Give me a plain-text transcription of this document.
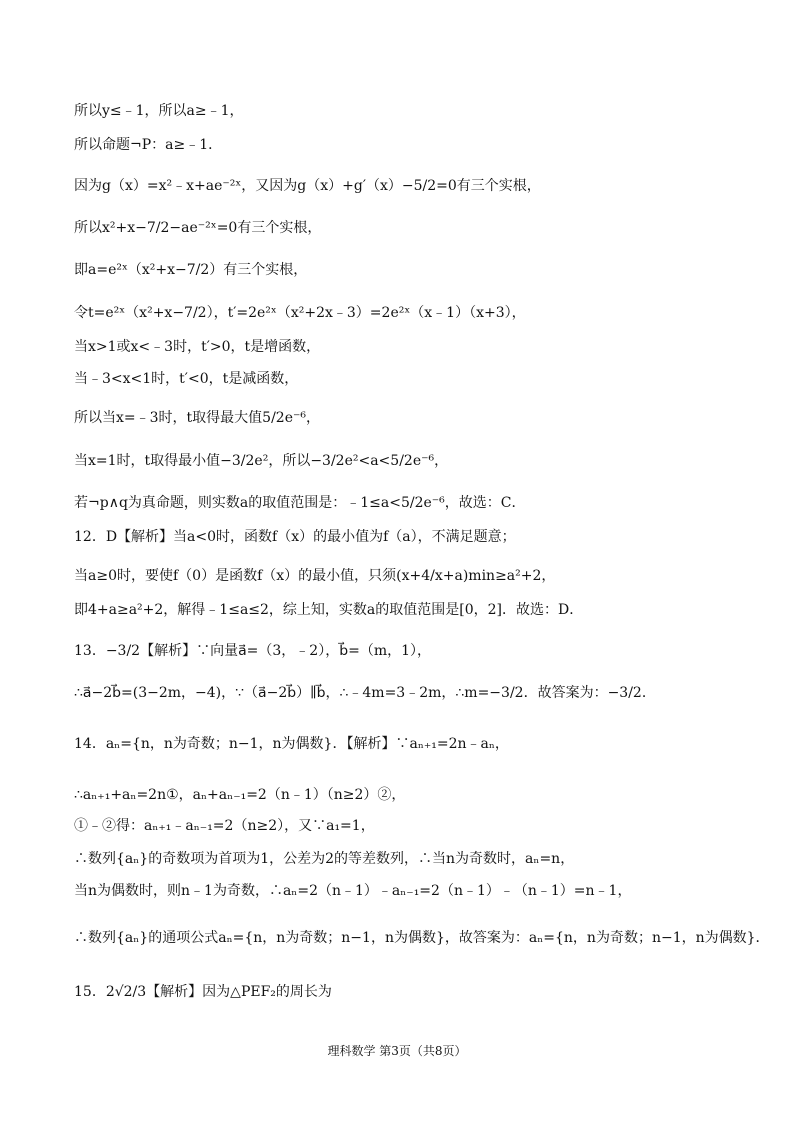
所以y≤﹣1，所以a≥﹣1，
所以命题¬P：a≥﹣1．
因为g（x）=x²﹣x+ae⁻²ˣ，又因为g（x）+g′（x）−5/2=0有三个实根，
所以x²+x−7/2−ae⁻²ˣ=0有三个实根，
即a=e²ˣ（x²+x−7/2）有三个实根，
令t=e²ˣ（x²+x−7/2），t′=2e²ˣ（x²+2x﹣3）=2e²ˣ（x﹣1）（x+3），
当x>1或x<﹣3时，t′>0，t是增函数，
当﹣3<x<1时，t′<0，t是减函数，
所以当x=﹣3时，t取得最大值5/2e⁻⁶，
当x=1时，t取得最小值−3/2e²，所以−3/2e²<a<5/2e⁻⁶，
若¬p∧q为真命题，则实数a的取值范围是：﹣1≤a<5/2e⁻⁶，故选：C．
12．D【解析】当a<0时，函数f（x）的最小值为f（a），不满足题意；
当a≥0时，要使f（0）是函数f（x）的最小值，只须(x+4/x+a)min≥a²+2，
即4+a≥a²+2，解得﹣1≤a≤2，综上知，实数a的取值范围是[0，2]．故选：D．
13．−3/2【解析】∵向量a⃗=（3，﹣2），b⃗=（m，1），
∴a⃗−2b⃗=(3−2m，−4)，∵（a⃗−2b⃗）∥b⃗，∴﹣4m=3﹣2m，∴m=−3/2．故答案为：−3/2．
14．aₙ={n，n为奇数；n−1，n为偶数}．【解析】∵aₙ₊₁=2n﹣aₙ，
∴aₙ₊₁+aₙ=2n①，aₙ+aₙ₋₁=2（n﹣1）（n≥2）②，
①﹣②得：aₙ₊₁﹣aₙ₋₁=2（n≥2），又∵a₁=1，
∴数列{aₙ}的奇数项为首项为1，公差为2的等差数列，∴当n为奇数时，aₙ=n，
当n为偶数时，则n﹣1为奇数，∴aₙ=2（n﹣1）﹣aₙ₋₁=2（n﹣1）﹣（n﹣1）=n﹣1，
∴数列{aₙ}的通项公式aₙ={n，n为奇数；n−1，n为偶数}，故答案为：aₙ={n，n为奇数；n−1，n为偶数}．
15．2√2/3【解析】因为△PEF₂的周长为
理科数学 第3页（共8页）
